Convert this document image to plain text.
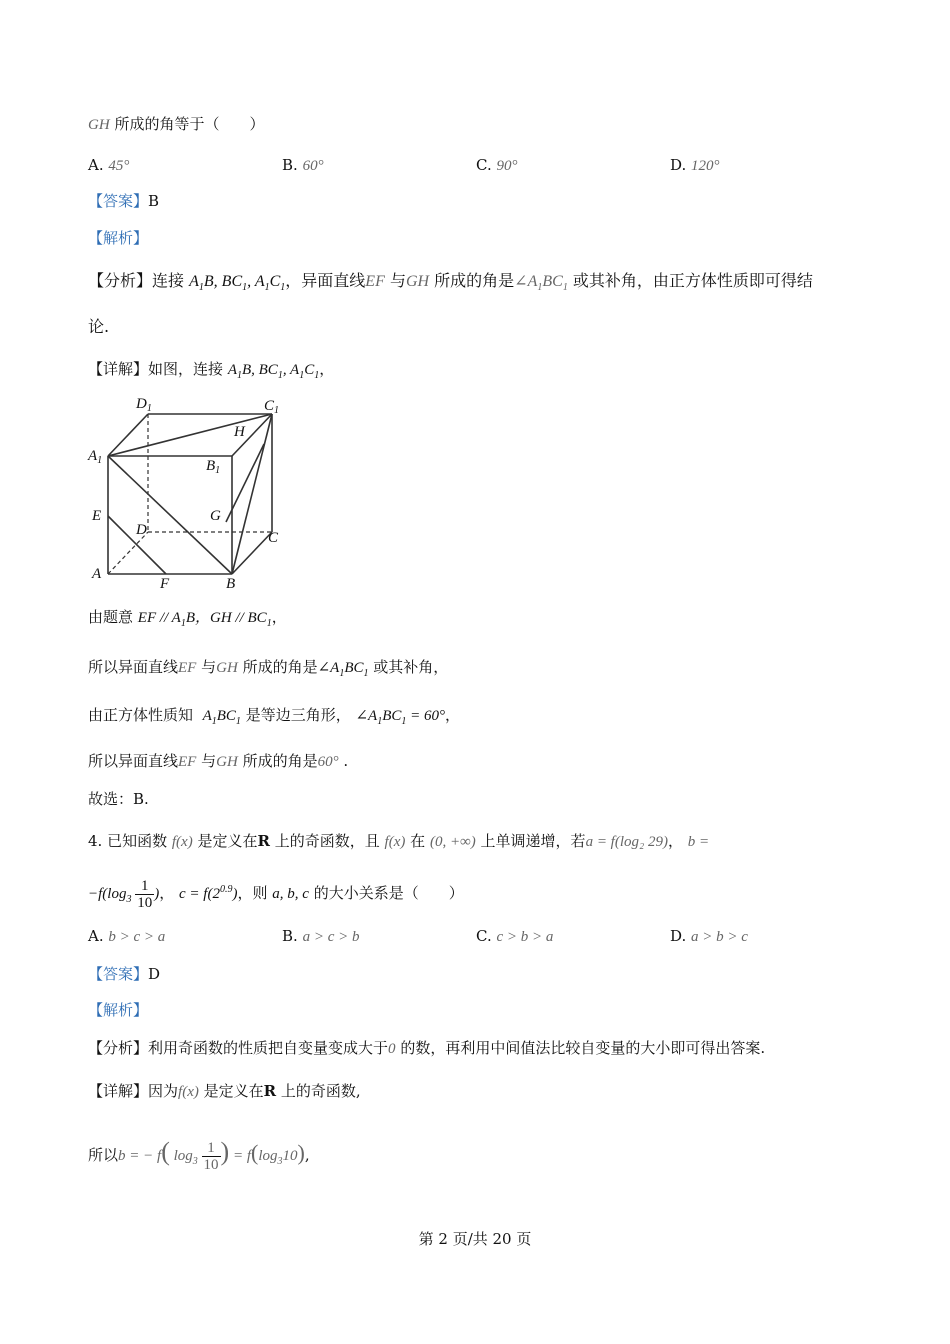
GH 所成的角等于（　　）
A. 45°	B. 60°	C. 90°	D. 120°
【答案】B
【解析】
【分析】连接 $A_1B$, $BC_1$, $A_1C_1$，异面直线EF 与GH 所成的角是$\angle A_1BC_1$ 或其补角，由正方体性质即可得结
论.
【详解】如图，连接 $A_1B$, $BC_1$, $A_1C_1$，
$D_1$	$C_1$
H
$A_1$	$B_1$
E
D
G
C
A
F	B
由题意 EF // $A_1B$，GH // $BC_1$，
所以异面直线EF 与GH 所成的角是$\angle A_1BC_1$ 或其补角，
由正方体性质知 $A_1BC_1$ 是等边三角形， $\angle A_1BC_1 = 60^\circ$，
所以异面直线EF 与GH 所成的角是60° .
故选：B.
4. 已知函数 f(x) 是定义在R 上的奇函数，且 f(x) 在 (0, +∞) 上单调递增，若a = f(log₂ 29)， b =
$-f(\log_3 \frac{1}{10}$ )， $c = f(2^{0.9})$，则 a, b, c 的大小关系是（　　）
A. b > c > a	B. a > c > b	C. c > b > a	D. a > b > c
【答案】D
【解析】
【分析】利用奇函数的性质把自变量变成大于0 的数，再利用中间值法比较自变量的大小即可得出答案.
【详解】因为f(x) 是定义在R 上的奇函数,
所以b = − f( $\log_3 \frac{1}{10}$ ) = $f(\log_310)$,
第 2 页/共 20 页
